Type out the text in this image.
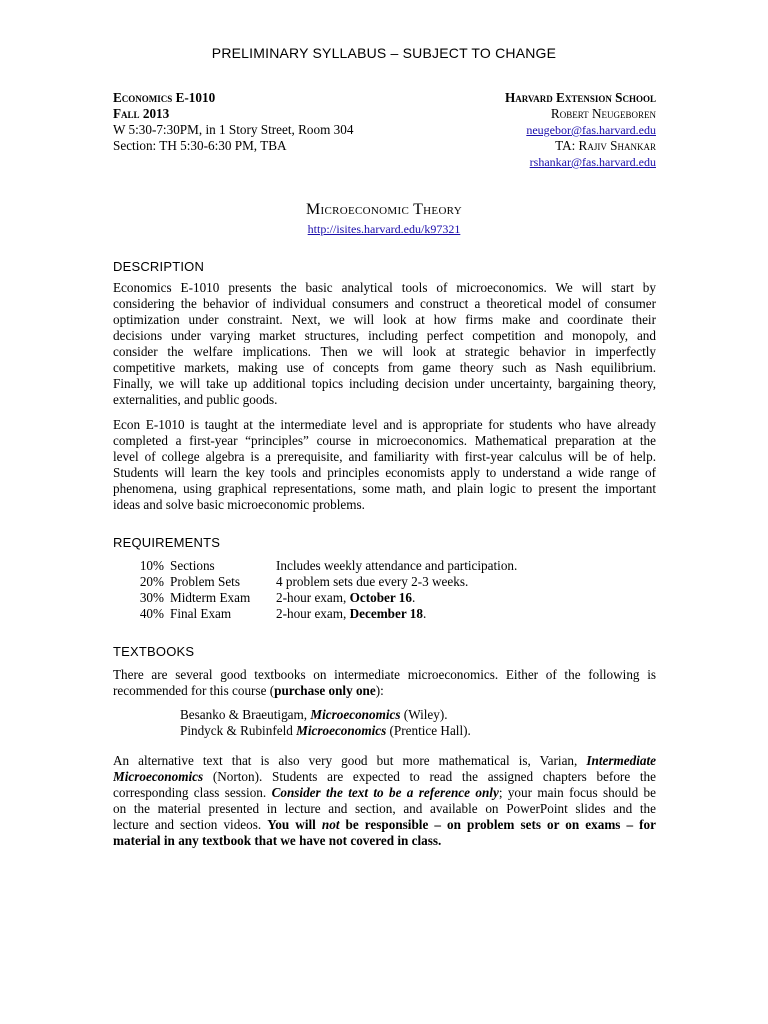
PRELIMINARY SYLLABUS – SUBJECT TO CHANGE
Economics E-1010
Fall 2013
W 5:30-7:30PM, in 1 Story Street, Room 304
Section: TH 5:30-6:30 PM, TBA
Harvard Extension School
Robert Neugeboren
neugebor@fas.harvard.edu
TA: Rajiv Shankar
rshankar@fas.harvard.edu
Microeconomic Theory
http://isites.harvard.edu/k97321
DESCRIPTION
Economics E-1010 presents the basic analytical tools of microeconomics. We will start by
considering the behavior of individual consumers and construct a theoretical model of consumer
optimization under constraint. Next, we will look at how firms make and coordinate their
decisions under varying market structures, including perfect competition and monopoly, and
consider the welfare implications. Then we will look at strategic behavior in imperfectly
competitive markets, making use of concepts from game theory such as Nash equilibrium.
Finally, we will take up additional topics including decision under uncertainty, bargaining theory,
externalities, and public goods.
Econ E-1010 is taught at the intermediate level and is appropriate for students who have already
completed a first-year “principles” course in microeconomics. Mathematical preparation at the
level of college algebra is a prerequisite, and familiarity with first-year calculus will be of help.
Students will learn the key tools and principles economists apply to understand a wide range of
phenomena, using graphical representations, some math, and plain logic to present the important
ideas and solve basic microeconomic problems.
REQUIREMENTS
10%	Sections	Includes weekly attendance and participation.
20%	Problem Sets	4 problem sets due every 2-3 weeks.
30%	Midterm Exam	2-hour exam, October 16.
40%	Final Exam	2-hour exam, December 18.
TEXTBOOKS
There are several good textbooks on intermediate microeconomics. Either of the following is
recommended for this course (purchase only one):
Besanko & Braeutigam, Microeconomics (Wiley).
Pindyck & Rubinfeld Microeconomics (Prentice Hall).
An alternative text that is also very good but more mathematical is, Varian, Intermediate
Microeconomics (Norton). Students are expected to read the assigned chapters before the
corresponding class session. Consider the text to be a reference only; your main focus should be
on the material presented in lecture and section, and available on PowerPoint slides and the
lecture and section videos. You will not be responsible – on problem sets or on exams – for
material in any textbook that we have not covered in class.
